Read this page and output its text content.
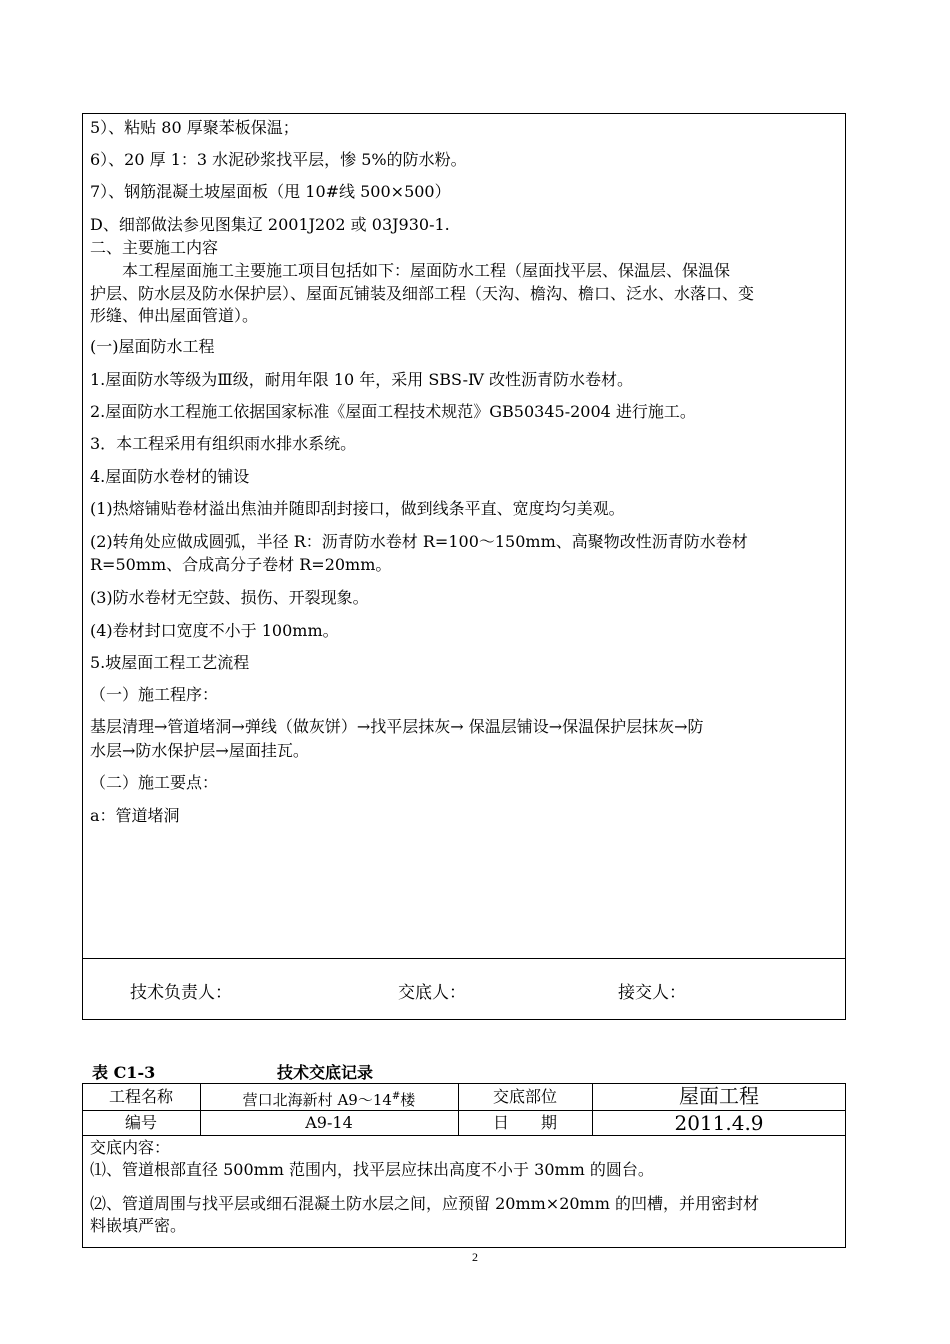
5）、粘贴 80 厚聚苯板保温；
6）、20 厚 1：3 水泥砂浆找平层，惨 5%的防水粉。
7）、钢筋混凝土坡屋面板（甩 10#线 500×500）
D、细部做法参见图集辽 2001J202 或 03J930-1.
二、主要施工内容
本工程屋面施工主要施工项目包括如下：屋面防水工程（屋面找平层、保温层、保温保
护层、防水层及防水保护层）、屋面瓦铺装及细部工程（天沟、檐沟、檐口、泛水、水落口、变
形缝、伸出屋面管道）。
(一)屋面防水工程
1.屋面防水等级为Ⅲ级，耐用年限 10 年，采用 SBS-Ⅳ 改性沥青防水卷材。
2.屋面防水工程施工依据国家标准《屋面工程技术规范》GB50345-2004 进行施工。
3．本工程采用有组织雨水排水系统。
4.屋面防水卷材的铺设
(1)热熔铺贴卷材溢出焦油并随即刮封接口，做到线条平直、宽度均匀美观。
(2)转角处应做成圆弧，半径 R：沥青防水卷材 R=100～150mm、高聚物改性沥青防水卷材
R=50mm、合成高分子卷材 R=20mm。
(3)防水卷材无空鼓、损伤、开裂现象。
(4)卷材封口宽度不小于 100mm。
5.坡屋面工程工艺流程
（一）施工程序：
基层清理→管道堵洞→弹线（做灰饼）→找平层抹灰→ 保温层铺设→保温保护层抹灰→防
水层→防水保护层→屋面挂瓦。
（二）施工要点：
a：管道堵洞
技术负责人：	交底人：	接交人：
表 C1-3	技术交底记录
工程名称	营口北海新村 A9～14#楼	交底部位	屋面工程
编号	A9-14	日　　期	2011.4.9
交底内容：
⑴、管道根部直径 500mm 范围内，找平层应抹出高度不小于 30mm 的圆台。
⑵、管道周围与找平层或细石混凝土防水层之间，应预留 20mm×20mm 的凹槽，并用密封材
料嵌填严密。
2
